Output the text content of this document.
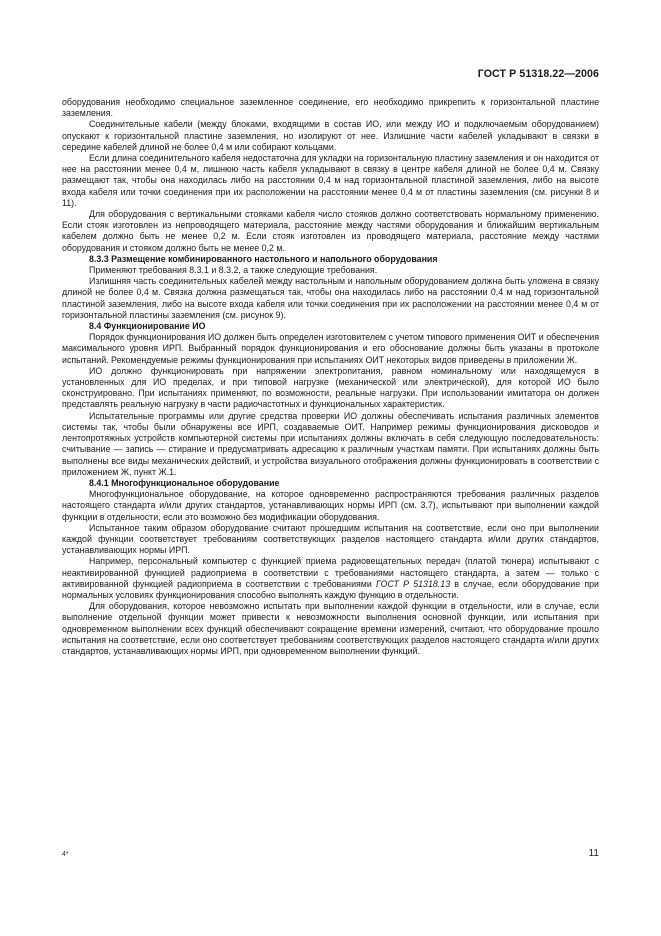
ГОСТ Р 51318.22—2006

оборудования необходимо специальное заземленное соединение, его необходимо прикрепить к горизонтальной пластине заземления.

Соединительные кабели (между блоками, входящими в состав ИО, или между ИО и подключаемым оборудованием) опускают к горизонтальной пластине заземления, но изолируют от нее. Излишние части кабелей укладывают в связки в середине кабелей длиной не более 0,4 м или собирают кольцами.

Если длина соединительного кабеля недостаточна для укладки на горизонтальную пластину заземления и он находится от нее на расстоянии менее 0,4 м, лишнюю часть кабеля укладывают в связку в центре кабеля длиной не более 0,4 м. Связку размещают так, чтобы она находилась либо на расстоянии 0,4 м над горизонтальной пластиной заземления, либо на высоте входа кабеля или точки соединения при их расположении на расстоянии менее 0,4 м от пластины заземления (см. рисунки 8 и 11).

Для оборудования с вертикальными стояками кабеля число стояков должно соответствовать нормальному применению. Если стояк изготовлен из непроводящего материала, расстояние между частями оборудования и ближайшим вертикальным кабелем должно быть не менее 0,2 м. Если стояк изготовлен из проводящего материала, расстояние между частями оборудования и стояком должно быть не менее 0,2 м.

8.3.3 Размещение комбинированного настольного и напольного оборудования

Применяют требования 8.3.1 и 8.3.2, а также следующие требования.

Излишняя часть соединительных кабелей между настольным и напольным оборудованием должна быть уложена в связку длиной не более 0,4 м. Связка должна размещаться так, чтобы она находилась либо на расстоянии 0,4 м над горизонтальной пластиной заземления, либо на высоте входа кабеля или точки соединения при их расположении на расстоянии менее 0,4 м от горизонтальной пластины заземления (см. рисунок 9).

8.4 Функционирование ИО

Порядок функционирования ИО должен быть определен изготовителем с учетом типового применения ОИТ и обеспечения максимального уровня ИРП. Выбранный порядок функционирования и его обоснование должны быть указаны в протоколе испытаний. Рекомендуемые режимы функционирования при испытаниях ОИТ некоторых видов приведены в приложении Ж.

ИО должно функционировать при напряжении электропитания, равном номинальному или находящемуся в установленных для ИО пределах, и при типовой нагрузке (механической или электрической), для которой ИО было сконструировано. При испытаниях применяют, по возможности, реальные нагрузки. При использовании имитатора он должен представлять реальную нагрузку в части радиочастотных и функциональных характеристик.

Испытательные программы или другие средства проверки ИО должны обеспечивать испытания различных элементов системы так, чтобы были обнаружены все ИРП, создаваемые ОИТ. Например режимы функционирования дисководов и лентопротяжных устройств компьютерной системы при испытаниях должны включать в себя следующую последовательность: считывание — запись — стирание и предусматривать адресацию к различным участкам памяти. При испытаниях должны быть выполнены все виды механических действий, и устройства визуального отображения должны функционировать в соответствии с приложением Ж, пункт Ж.1.

8.4.1 Многофункциональное оборудование

Многофункциональное оборудование, на которое одновременно распространяются требования различных разделов настоящего стандарта и/или других стандартов, устанавливающих нормы ИРП (см. 3.7), испытывают при выполнении каждой функции в отдельности, если это возможно без модификации оборудования.

Испытанное таким образом оборудование считают прошедшим испытания на соответствие, если оно при выполнении каждой функции соответствует требованиям соответствующих разделов настоящего стандарта и/или других стандартов, устанавливающих нормы ИРП.

Например, персональный компьютер с функцией приема радиовещательных передач (платой тюнера) испытывают с неактивированной функцией радиоприема в соответствии с требованиями настоящего стандарта, а затем — только с активированной функцией радиоприема в соответствии с требованиями ГОСТ Р 51318.13 в случае, если оборудование при нормальных условиях функционирования способно выполнять каждую функцию в отдельности.

Для оборудования, которое невозможно испытать при выполнении каждой функции в отдельности, или в случае, если выполнение отдельной функции может привести к невозможности выполнения основной функции, или испытания при одновременном выполнении всех функций обеспечивают сокращение времени измерений, считают, что оборудование прошло испытания на соответствие, если оно соответствует требованиям соответствующих разделов настоящего стандарта и/или других стандартов, устанавливающих нормы ИРП, при одновременном выполнении функций.

4*	11
